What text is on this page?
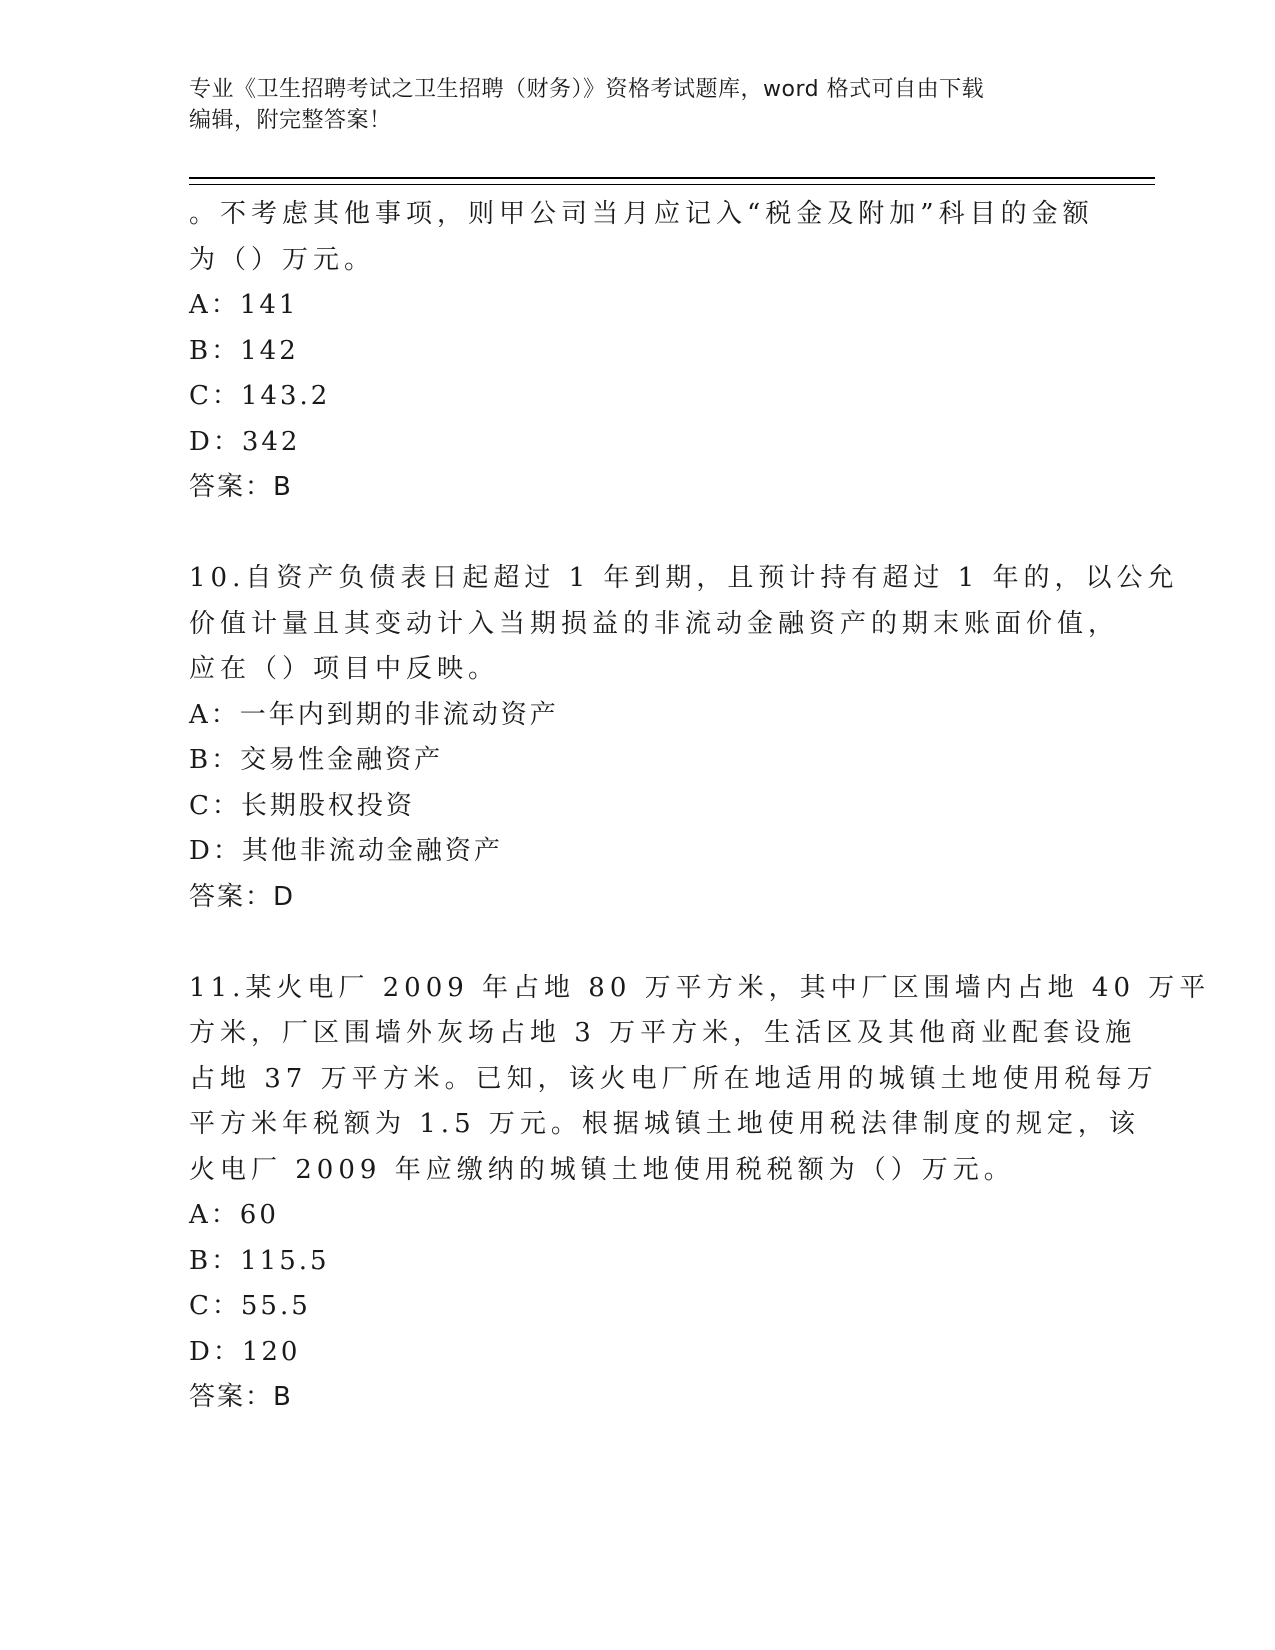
专业《卫生招聘考试之卫生招聘（财务）》资格考试题库，word 格式可自由下载
编辑，附完整答案！
。不考虑其他事项，则甲公司当月应记入“税金及附加”科目的金额
为（）万元。
A：141
B：142
C：143.2
D：342
答案：B
10.自资产负债表日起超过 1 年到期，且预计持有超过 1 年的，以公允
价值计量且其变动计入当期损益的非流动金融资产的期末账面价值，
应在（）项目中反映。
A：一年内到期的非流动资产
B：交易性金融资产
C：长期股权投资
D：其他非流动金融资产
答案：D
11.某火电厂 2009 年占地 80 万平方米，其中厂区围墙内占地 40 万平
方米，厂区围墙外灰场占地 3 万平方米，生活区及其他商业配套设施
占地 37 万平方米。已知，该火电厂所在地适用的城镇土地使用税每万
平方米年税额为 1.5 万元。根据城镇土地使用税法律制度的规定，该
火电厂 2009 年应缴纳的城镇土地使用税税额为（）万元。
A：60
B：115.5
C：55.5
D：120
答案：B
